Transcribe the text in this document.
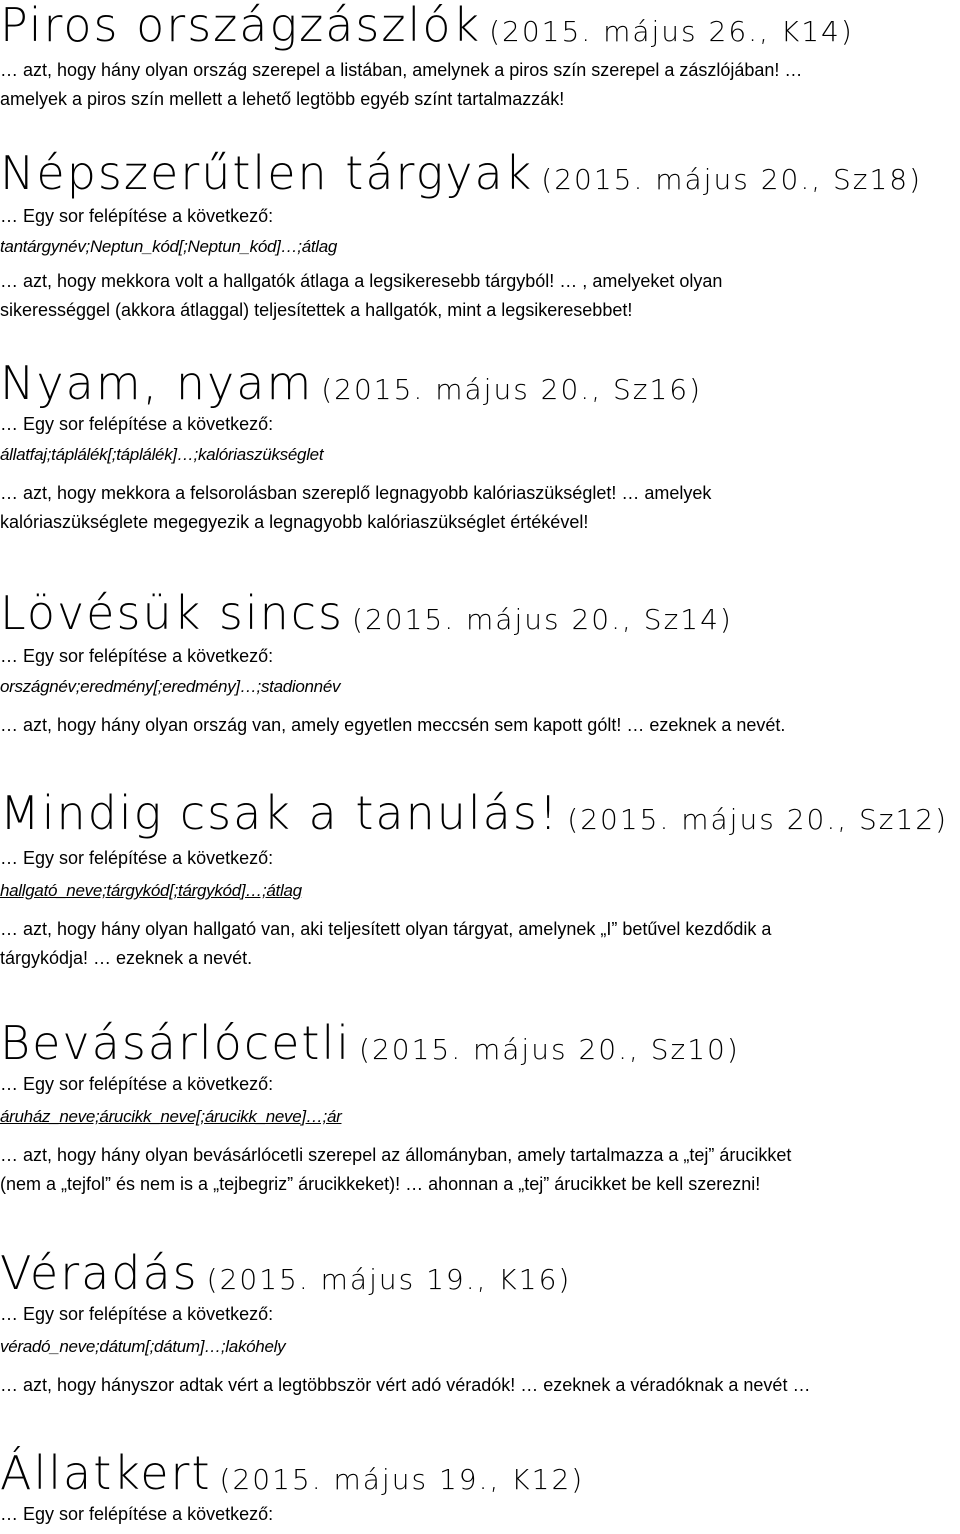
Piros országzászlók (2015. május 26., K14)
… azt, hogy hány olyan ország szerepel a listában, amelynek a piros szín szerepel a zászlójában! …
amelyek a piros szín mellett a lehető legtöbb egyéb színt tartalmazzák!
Népszerűtlen tárgyak (2015. május 20., Sz18)
… Egy sor felépítése a következő:
tantárgynév;Neptun_kód[;Neptun_kód]…;átlag
… azt, hogy mekkora volt a hallgatók átlaga a legsikeresebb tárgyból! … , amelyeket olyan
sikerességgel (akkora átlaggal) teljesítettek a hallgatók, mint a legsikeresebbet!
Nyam, nyam (2015. május 20., Sz16)
… Egy sor felépítése a következő:
állatfaj;táplálék[;táplálék]…;kalóriaszükséglet
… azt, hogy mekkora a felsorolásban szereplő legnagyobb kalóriaszükséglet! … amelyek
kalóriaszükséglete megegyezik a legnagyobb kalóriaszükséglet értékével!
Lövésük sincs (2015. május 20., Sz14)
… Egy sor felépítése a következő:
országnév;eredmény[;eredmény]…;stadionnév
… azt, hogy hány olyan ország van, amely egyetlen meccsén sem kapott gólt! … ezeknek a nevét.
Mindig csak a tanulás! (2015. május 20., Sz12)
… Egy sor felépítése a következő:
hallgató_neve;tárgykód[;tárgykód]…;átlag
… azt, hogy hány olyan hallgató van, aki teljesített olyan tárgyat, amelynek „I” betűvel kezdődik a
tárgykódja! … ezeknek a nevét.
Bevásárlócetli (2015. május 20., Sz10)
… Egy sor felépítése a következő:
áruház_neve;árucikk_neve[;árucikk_neve]…;ár
… azt, hogy hány olyan bevásárlócetli szerepel az állományban, amely tartalmazza a „tej” árucikket
(nem a „tejfol” és nem is a „tejbegriz” árucikkeket)! … ahonnan a „tej” árucikket be kell szerezni!
Véradás (2015. május 19., K16)
… Egy sor felépítése a következő:
véradó_neve;dátum[;dátum]…;lakóhely
… azt, hogy hányszor adtak vért a legtöbbször vért adó véradók! … ezeknek a véradóknak a nevét …
Állatkert (2015. május 19., K12)
… Egy sor felépítése a következő:
